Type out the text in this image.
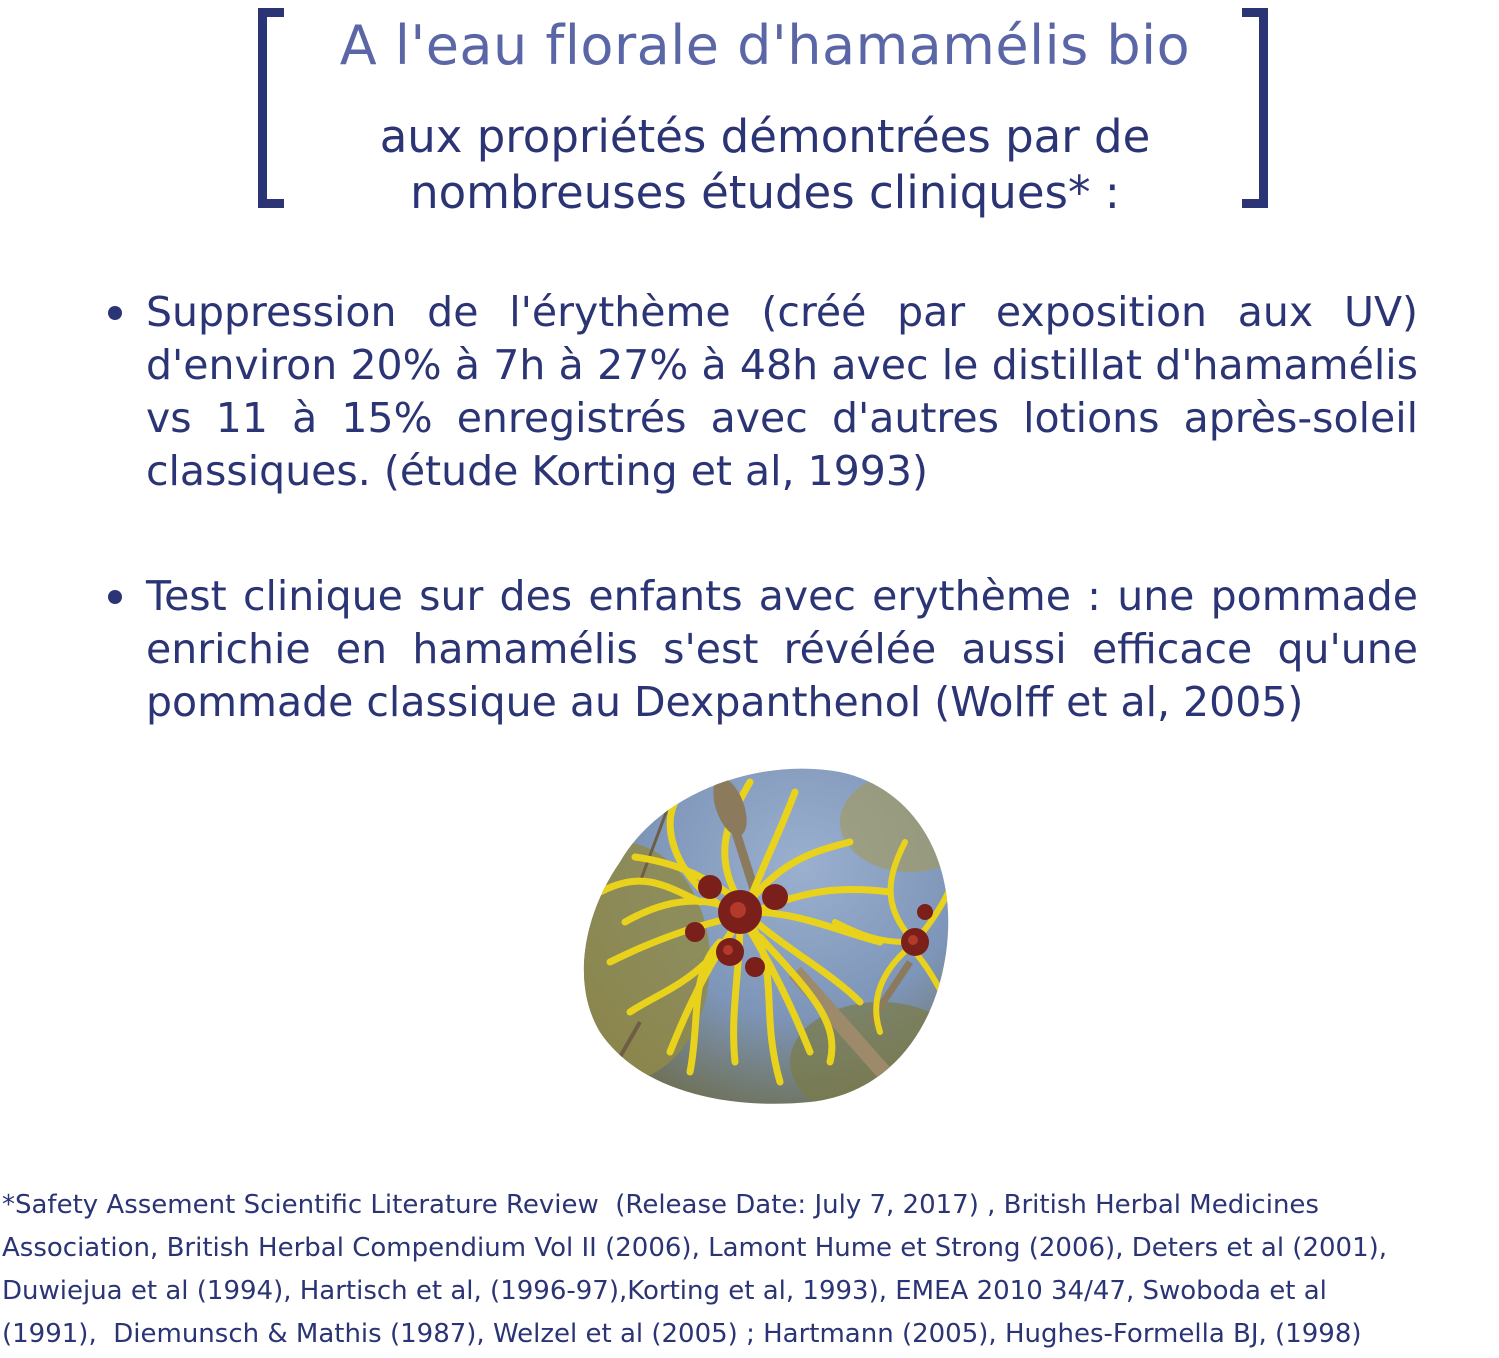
A l'eau florale d'hamamélis bio
aux propriétés démontrées par de
nombreuses études cliniques* :
Suppression de l'érythème (créé par exposition aux UV) d'environ 20% à 7h à 27% à 48h avec le distillat d'hamamélis vs 11 à 15% enregistrés avec d'autres lotions après-soleil classiques. (étude Korting et al, 1993)
Test clinique sur des enfants avec erythème : une pommade enrichie en hamamélis s'est révélée aussi efficace qu'une pommade classique au Dexpanthenol (Wolff et al, 2005)
*Safety Assement Scientific Literature Review  (Release Date: July 7, 2017) , British Herbal Medicines
Association, British Herbal Compendium Vol II (2006), Lamont Hume et Strong (2006), Deters et al (2001),
Duwiejua et al (1994), Hartisch et al, (1996-97),Korting et al, 1993), EMEA 2010 34/47, Swoboda et al
(1991),  Diemunsch & Mathis (1987), Welzel et al (2005) ; Hartmann (2005), Hughes-Formella BJ, (1998)
